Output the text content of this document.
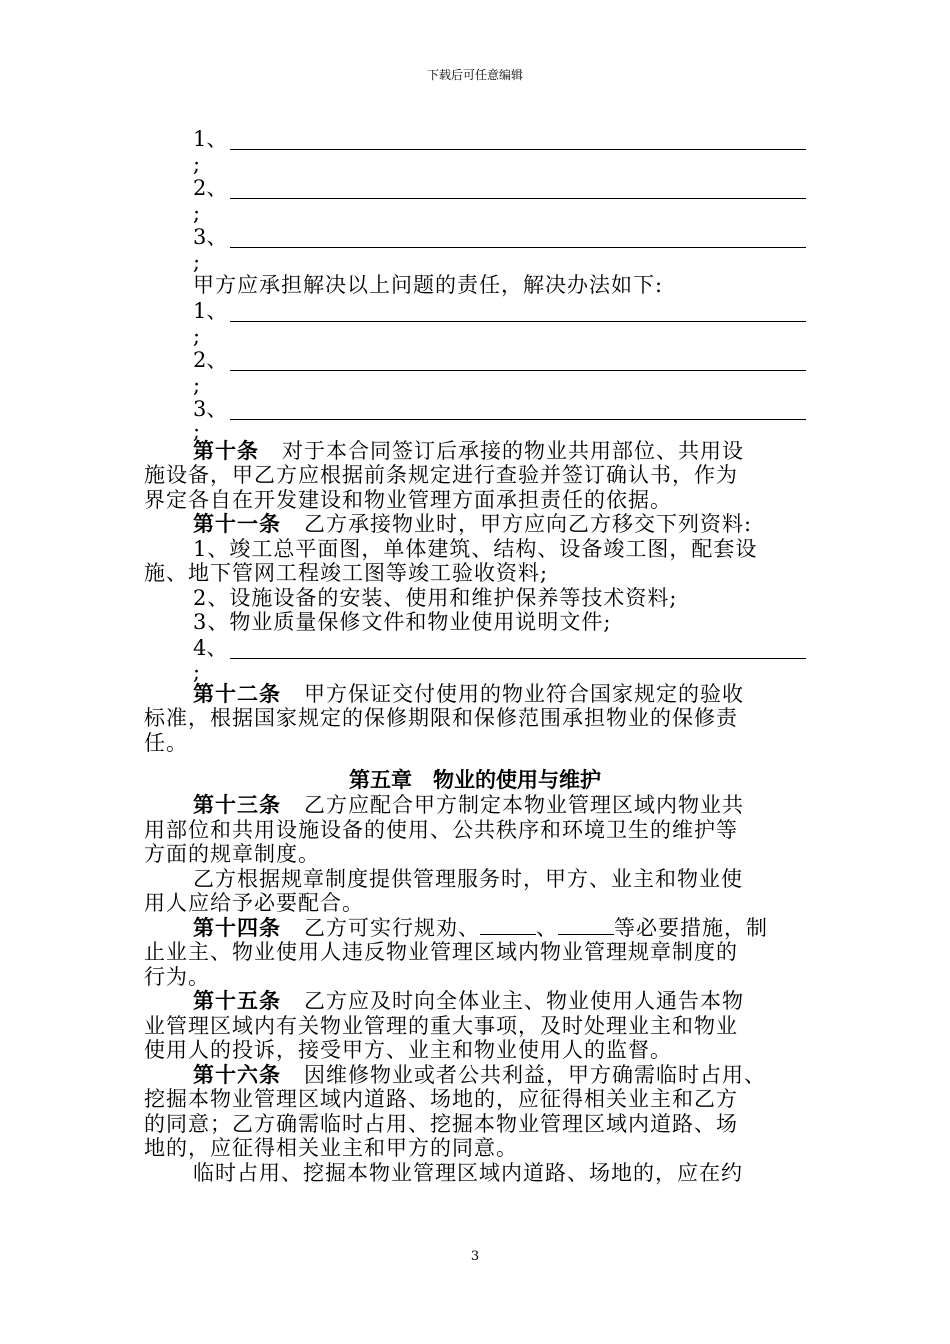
下载后可任意编辑
1、
;
2、
;
3、
;
甲方应承担解决以上问题的责任，解决办法如下:
1、
;
2、
;
3、
;
第十条 对于本合同签订后承接的物业共用部位、共用设
施设备，甲乙方应根据前条规定进行查验并签订确认书，作为
界定各自在开发建设和物业管理方面承担责任的依据。
第十一条 乙方承接物业时，甲方应向乙方移交下列资料:
1、竣工总平面图，单体建筑、结构、设备竣工图，配套设
施、地下管网工程竣工图等竣工验收资料;
2、设施设备的安装、使用和维护保养等技术资料;
3、物业质量保修文件和物业使用说明文件;
4、
;
第十二条 甲方保证交付使用的物业符合国家规定的验收
标准，根据国家规定的保修期限和保修范围承担物业的保修责
任。
第五章　物业的使用与维护
第十三条 乙方应配合甲方制定本物业管理区域内物业共
用部位和共用设施设备的使用、公共秩序和环境卫生的维护等
方面的规章制度。
乙方根据规章制度提供管理服务时，甲方、业主和物业使
用人应给予必要配合。
第十四条 乙方可实行规劝、	、	等必要措施，制
止业主、物业使用人违反物业管理区域内物业管理规章制度的
行为。
第十五条 乙方应及时向全体业主、物业使用人通告本物
业管理区域内有关物业管理的重大事项，及时处理业主和物业
使用人的投诉，接受甲方、业主和物业使用人的监督。
第十六条 因维修物业或者公共利益，甲方确需临时占用、
挖掘本物业管理区域内道路、场地的，应征得相关业主和乙方
的同意；乙方确需临时占用、挖掘本物业管理区域内道路、场
地的，应征得相关业主和甲方的同意。
临时占用、挖掘本物业管理区域内道路、场地的，应在约
3
